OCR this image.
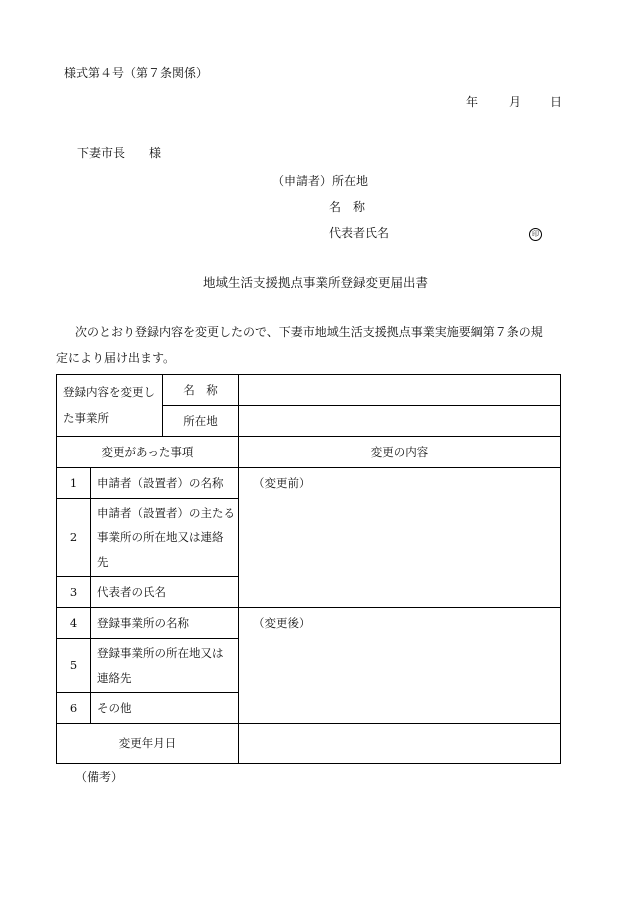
様式第４号（第７条関係）
年	月 日
下妻市長　　様
（申請者）所在地
名　称
代表者氏名	印
地域生活支援拠点事業所登録変更届出書
次のとおり登録内容を変更したので、下妻市地域生活支援拠点事業実施要綱第７条の規
定により届け出ます。
登録内容を変更し
た事業所		名　称	
		所在地	
変更があった事項			変更の内容
1	申請者（設置者）の名称		（変更前）
2	申請者（設置者）の主たる
事業所の所在地又は連絡
先		
3	代表者の氏名		
4	登録事業所の名称		（変更後）
5	登録事業所の所在地又は
連絡先		
6	その他		
変更年月日			
（備考）
